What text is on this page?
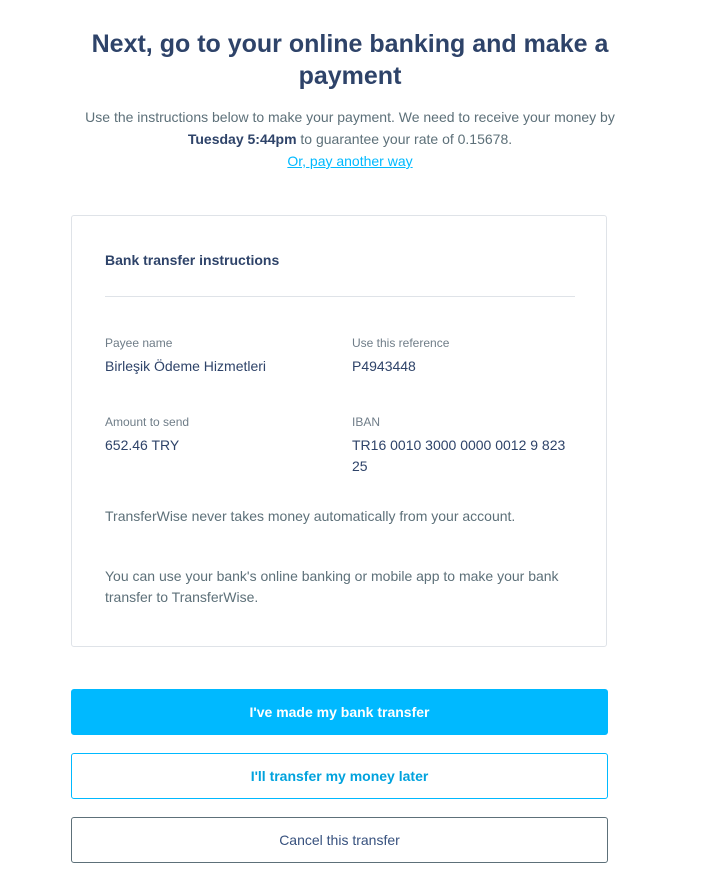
Next, go to your online banking and make a payment

Use the instructions below to make your payment. We need to receive your money by Tuesday 5:44pm to guarantee your rate of 0.15678.
Or, pay another way

Bank transfer instructions
Payee name
Birleşik Ödeme Hizmetleri
Use this reference
P4943448
Amount to send
652.46 TRY
IBAN
TR16 0010 3000 0000 0012 9 823 25

TransferWise never takes money automatically from your account.

You can use your bank's online banking or mobile app to make your bank transfer to TransferWise.

I've made my bank transfer
I'll transfer my money later
Cancel this transfer
